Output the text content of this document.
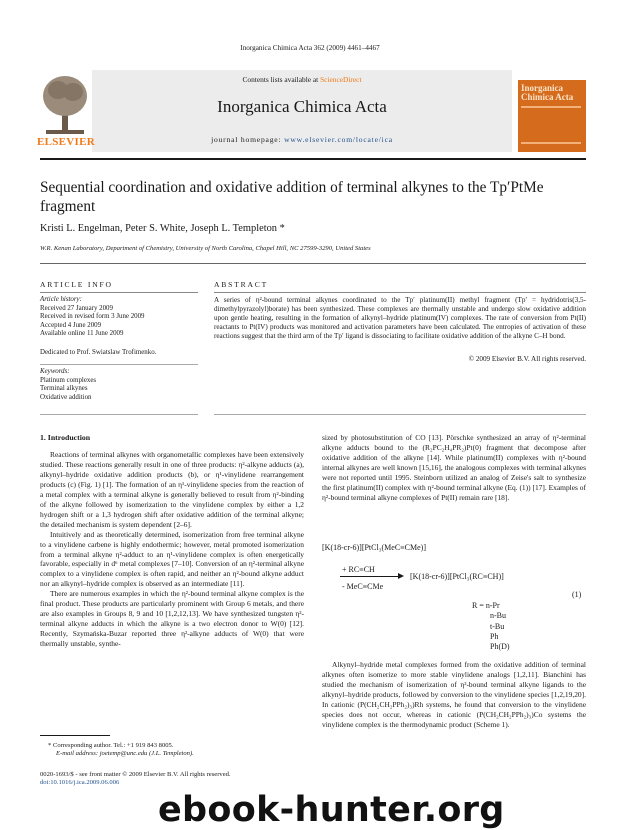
Inorganica Chimica Acta 362 (2009) 4461–4467
Contents lists available at ScienceDirect
Inorganica Chimica Acta
journal homepage: www.elsevier.com/locate/ica
ELSEVIER
Inorganica
Chimica Acta
Sequential coordination and oxidative addition of terminal alkynes to the Tp′PtMe fragment
Kristi L. Engelman, Peter S. White, Joseph L. Templeton *
W.R. Kenan Laboratory, Department of Chemistry, University of North Carolina, Chapel Hill, NC 27599-3290, United States
ARTICLE INFO	ABSTRACT
Article history:
Received 27 January 2009
Received in revised form 3 June 2009
Accepted 4 June 2009
Available online 11 June 2009
Dedicated to Prof. Swiatslaw Trofimenko.
Keywords:
Platinum complexes
Terminal alkynes
Oxidative addition
A series of η²-bound terminal alkynes coordinated to the Tp′ platinum(II) methyl fragment (Tp′ = hydridotris(3,5-dimethylpyrazolyl)borate) has been synthesized. These complexes are thermally unstable and undergo slow oxidative addition upon gentle heating, resulting in the formation of alkynyl–hydride platinum(IV) complexes. The rate of conversion from Pt(II) reactants to Pt(IV) products was monitored and activation parameters have been calculated. The entropies of activation of these reactions suggest that the third arm of the Tp′ ligand is dissociating to facilitate oxidative addition of the alkyne C–H bond.
© 2009 Elsevier B.V. All rights reserved.
1. Introduction

Reactions of terminal alkynes with organometallic complexes have been extensively studied. These reactions generally result in one of three products: η²-alkyne adducts (a), alkynyl–hydride oxidative addition products (b), or η¹-vinylidene rearrangement products (c) (Fig. 1) [1]. The formation of an η¹-vinylidene species from the reaction of a metal complex with a terminal alkyne is generally believed to result from η²-binding of the alkyne followed by isomerization to the vinylidene complex by either a 1,2 hydrogen shift or a 1,3 hydrogen shift after oxidative addition of the terminal alkyne; the detailed mechanism is system dependent [2–6].

Intuitively and as theoretically determined, isomerization from free terminal alkyne to a vinylidene carbene is highly endothermic; however, metal promoted isomerization from a terminal alkyne η²-adduct to an η¹-vinylidene complex is often energetically favorable, especially in d⁶ metal complexes [7–10]. Conversion of an η²-terminal alkyne complex to a vinylidene complex is often rapid, and neither an η²-bound alkyne adduct nor an alkynyl–hydride complex is observed as an intermediate [11].

There are numerous examples in which the η²-bound terminal alkyne complex is the final product. These products are particularly prominent with Group 6 metals, and there are also examples in Groups 8, 9 and 10 [1,2,12,13]. We have synthesized tungsten η²-terminal alkyne adducts in which the alkyne is a two electron donor to W(0) [12]. Recently, Szymańska-Buzar reported three η²-alkyne adducts of W(0) that were thermally unstable, synthe-

sized by photosubstitution of CO [13]. Pörschke synthesized an array of η²-terminal alkyne adducts bound to the (R₂PC₂H₄PR₂)Pt(0) fragment that decompose after oxidative addition of the alkyne [14]. While platinum(II) complexes with η²-bound internal alkynes are well known [15,16], the analogous complexes with terminal alkynes were not reported until 1995. Steinborn utilized an analog of Zeise's salt to synthesize the first platinum(II) complex with η²-bound terminal alkyne (Eq. (1)) [17]. Examples of η²-bound terminal alkyne complexes of Pt(II) remain rare [18].

[K(18-cr-6)][PtCl₃(MeC≡CMe)]
+ RC≡CH
- MeC≡CMe
[K(18-cr-6)][PtCl₃(RC≡CH)]
(1)
R = n-Pr
n-Bu
t-Bu
Ph
Ph(D)

Alkynyl–hydride metal complexes formed from the oxidative addition of terminal alkynes often isomerize to more stable vinylidene analogs [1,2,11]. Bianchini has studied the mechanism of isomerization of η²-bound terminal alkyne ligands to the alkynyl–hydride products, followed by conversion to the vinylidene species [1,2,19,20]. In cationic (P(CH₂CH₂PPh₂)₃)Rh systems, he found that conversion to the vinylidene species does not occur, whereas in cationic (P(CH₂CH₂PPh₂)₃)Co systems the vinylidene complex is the thermodynamic product (Scheme 1).

* Corresponding author. Tel.: +1 919 843 8005.
E-mail address: joetemp@unc.edu (J.L. Templeton).
0020-1693/$ - see front matter © 2009 Elsevier B.V. All rights reserved.
doi:10.1016/j.ica.2009.06.006
ebook-hunter.org
